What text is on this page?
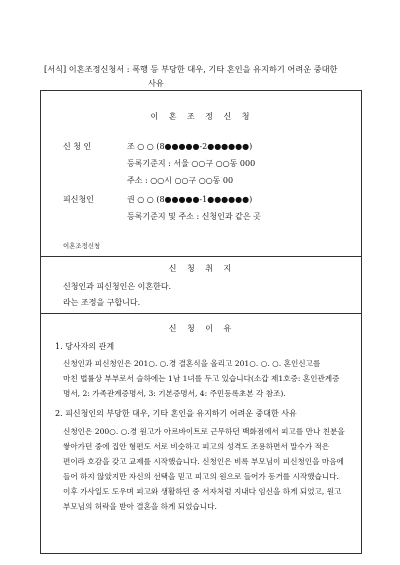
[서식] 이혼조정신청서 : 폭행 등 부당한 대우, 기타 혼인을 유지하기 어려운 중대한
사유
이 혼 조 정 신 청
신 청 인	조 ○ ○ (8●●●●●-2●●●●●●)
등록기준지 : 서울 ○○구 ○○동 000
주소 : ○○시 ○○구 ○○동 00
피신청인	권 ○ ○ (8●●●●●-1●●●●●●)
등록기준지 및 주소 : 신청인과 같은 곳
이혼조정신청
신 청 취 지
신청인과 피신청인은 이혼한다.
라는 조정을 구합니다.
신 청 이 유
1. 당사자의 관계
신청인과 피신청인은 201○. ○.경 결혼식을 올리고 201○. ○. ○. 혼인신고를
마친 법률상 부부로서 슬하에는 1남 1녀를 두고 있습니다(소갑 제1호증: 혼인관계증
명서, 2: 가족관계증명서, 3: 기본증명서, 4: 주민등록초본 각 참조).
2. 피신청인의 부당한 대우, 기타 혼인을 유지하기 어려운 중대한 사유
신청인은 200○. ○.경 원고가 아르바이트로 근무하던 백화점에서 피고를 만나 친분을
쌓아가던 중에 집안 형편도 서로 비슷하고 피고의 성격도 조용하면서 말수가 적은
편이라 호감을 갖고 교제를 시작했습니다. 신청인은 비록 부모님이 피신청인을 마음에
들어 하지 않았지만 자신의 선택을 믿고 피고의 원으로 들어가 동거를 시작했습니다.
이후 가사일도 도우며 피고와 생활하던 중 서자처럼 지내다 임신을 하게 되었고, 원고
부모님의 허락을 받아 결혼을 하게 되었습니다.
